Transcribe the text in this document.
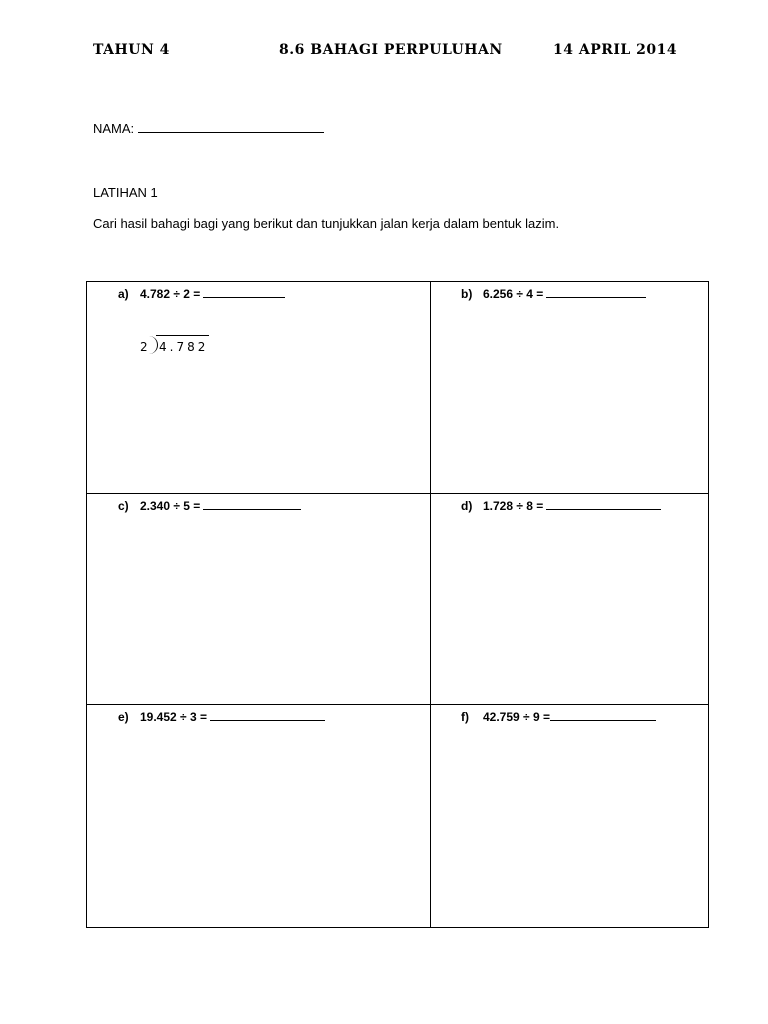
TAHUN 4	8.6 BAHAGI PERPULUHAN	14 APRIL 2014
NAMA:
LATIHAN 1
Cari hasil bahagi bagi yang berikut dan tunjukkan jalan kerja dalam bentuk lazim.
a) 4.782 ÷ 2 =
2 4.782
b) 6.256 ÷ 4 =
c) 2.340 ÷ 5 =	d) 1.728 ÷ 8 =
e) 19.452 ÷ 3 =	f) 42.759 ÷ 9 =
